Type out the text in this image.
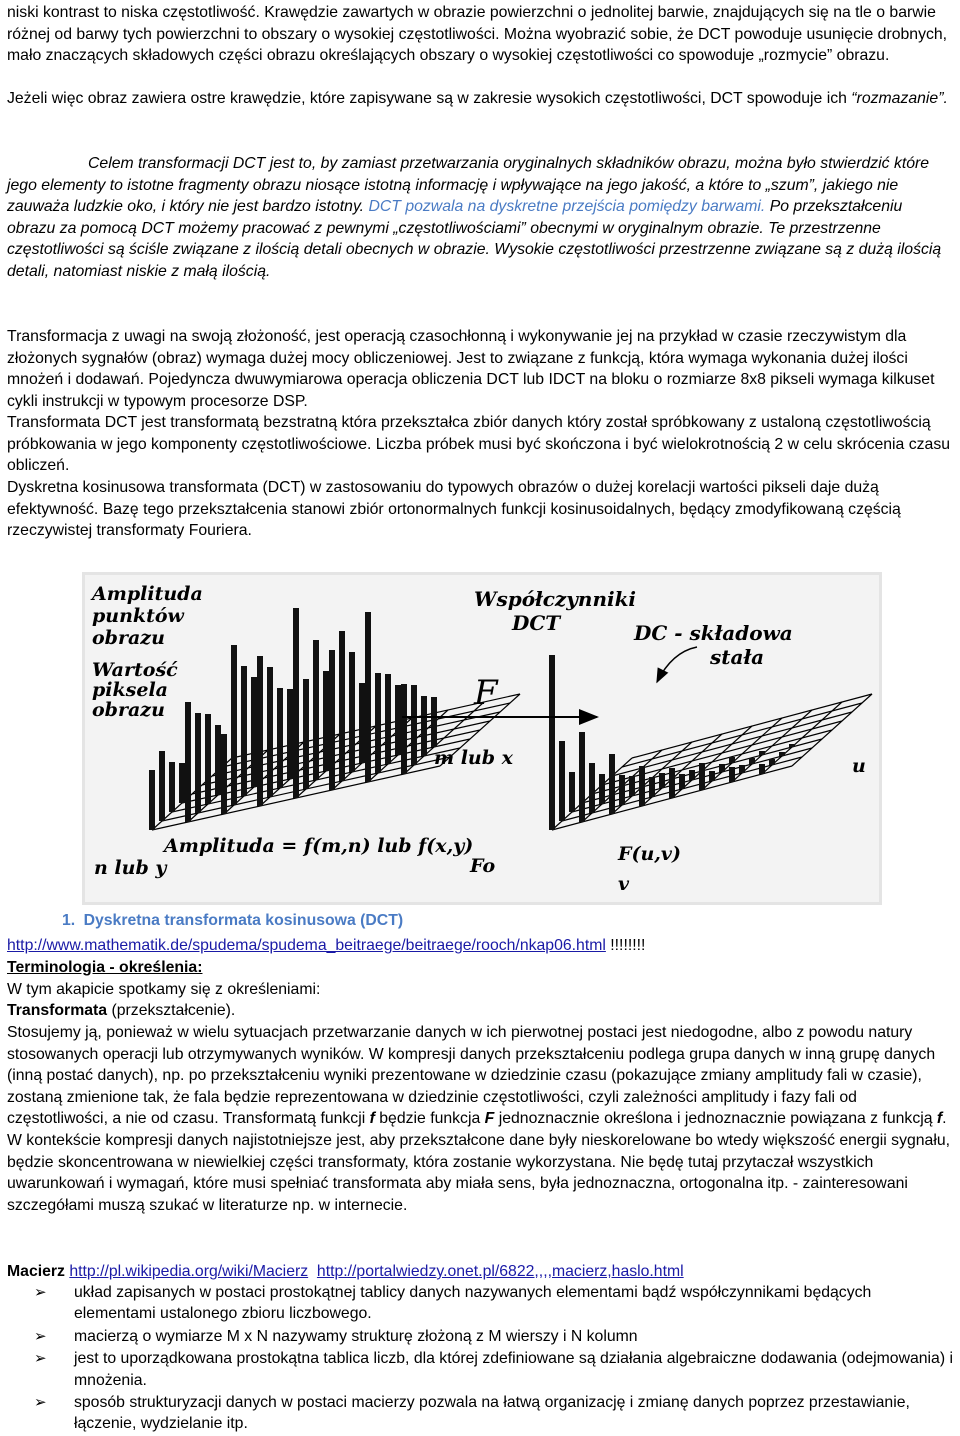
niski kontrast to niska częstotliwość. Krawędzie zawartych w obrazie powierzchni o jednolitej barwie, znajdujących się na tle o barwie różnej od barwy tych powierzchni to obszary o wysokiej częstotliwości. Można wyobrazić sobie, że DCT powoduje usunięcie drobnych, mało znaczących składowych części obrazu określających obszary o wysokiej częstotliwości co spowoduje „rozmycie” obrazu.

Jeżeli więc obraz zawiera ostre krawędzie, które zapisywane są w zakresie wysokich częstotliwości, DCT spowoduje ich “rozmazanie”.

Celem transformacji DCT jest to, by zamiast przetwarzania oryginalnych składników obrazu, można było stwierdzić które jego elementy to istotne fragmenty obrazu niosące istotną informację i wpływające na jego jakość, a które to „szum”, jakiego nie zauważa ludzkie oko, i który nie jest bardzo istotny. DCT pozwala na dyskretne przejścia pomiędzy barwami. Po przekształceniu obrazu za pomocą DCT możemy pracować z pewnymi „częstotliwościami” obecnymi w oryginalnym obrazie. Te przestrzenne częstotliwości są ściśle związane z ilością detali obecnych w obrazie. Wysokie częstotliwości przestrzenne związane są z dużą ilością detali, natomiast niskie z małą ilością.

Transformacja z uwagi na swoją złożoność, jest operacją czasochłonną i wykonywanie jej na przykład w czasie rzeczywistym dla złożonych sygnałów (obraz) wymaga dużej mocy obliczeniowej. Jest to związane z funkcją, która wymaga wykonania dużej ilości mnożeń i dodawań. Pojedyncza dwuwymiarowa operacja obliczenia DCT lub IDCT na bloku o rozmiarze 8x8 pikseli wymaga kilkuset cykli instrukcji w typowym procesorze DSP.

Transformata DCT jest transformatą bezstratną która przekształca zbiór danych który został spróbkowany z ustaloną częstotliwością próbkowania w jego komponenty częstotliwościowe. Liczba próbek musi być skończona i być wielokrotnością 2 w celu skrócenia czasu obliczeń.

Dyskretna kosinusowa transformata (DCT) w zastosowaniu do typowych obrazów o dużej korelacji wartości pikseli daje dużą efektywność. Bazę tego przekształcenia stanowi zbiór ortonormalnych funkcji kosinusoidalnych, będący zmodyfikowaną częścią rzeczywistej transformaty Fouriera.

Amplituda
punktów
obrazu
Wartość
piksela
obrazu
Współczynniki
DCT	DC - składowa
stała
F
m lub x	u
Amplituda = f(m,n) lub f(x,y)
n lub y	Fo
F(u,v)
v
1. Dyskretna transformata kosinusowa (DCT)

http://www.mathematik.de/spudema/spudema_beitraege/beitraege/rooch/nkap06.html !!!!!!!!

Terminologia - określenia:

W tym akapicie spotkamy się z określeniami:

Transformata (przekształcenie).

Stosujemy ją, ponieważ w wielu sytuacjach przetwarzanie danych w ich pierwotnej postaci jest niedogodne, albo z powodu natury stosowanych operacji lub otrzymywanych wyników. W kompresji danych przekształceniu podlega grupa danych w inną grupę danych (inną postać danych), np. po przekształceniu wyniki prezentowane w dziedzinie czasu (pokazujące zmiany amplitudy fali w czasie), zostaną zmienione tak, że fala będzie reprezentowana w dziedzinie częstotliwości, czyli zależności amplitudy i fazy fali od częstotliwości, a nie od czasu. Transformatą funkcji f będzie funkcja F jednoznacznie określona i jednoznacznie powiązana z funkcją f. W kontekście kompresji danych najistotniejsze jest, aby przekształcone dane były nieskorelowane bo wtedy większość energii sygnału, będzie skoncentrowana w niewielkiej części transformaty, która zostanie wykorzystana. Nie będę tutaj przytaczał wszystkich uwarunkowań i wymagań, które musi spełniać transformata aby miała sens, była jednoznaczna, ortogonalna itp. - zainteresowani szczegółami muszą szukać w literaturze np. w internecie.

Macierz http://pl.wikipedia.org/wiki/Macierz http://portalwiedzy.onet.pl/6822,,,,macierz,haslo.html

➢ układ zapisanych w postaci prostokątnej tablicy danych nazywanych elementami bądź współczynnikami będących elementami ustalonego zbioru liczbowego.
➢ macierzą o wymiarze M x N nazywamy strukturę złożoną z M wierszy i N kolumn
➢ jest to uporządkowana prostokątna tablica liczb, dla której zdefiniowane są działania algebraiczne dodawania (odejmowania) i mnożenia.
➢ sposób strukturyzacji danych w postaci macierzy pozwala na łatwą organizację i zmianę danych poprzez przestawianie, łączenie, wydzielanie itp.
